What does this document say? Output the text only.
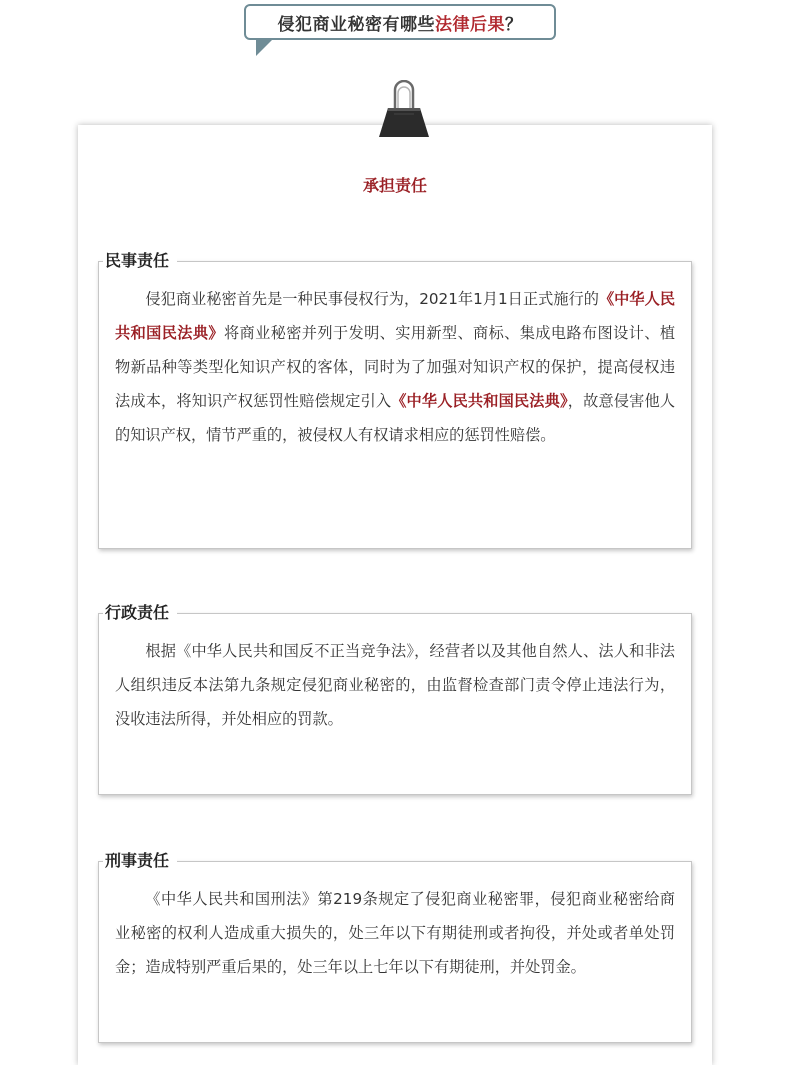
侵犯商业秘密有哪些 法律后果 ？
承担责任
民事责任

侵犯商业秘密首先是一种民事侵权行为，2021年1月1日正式施行的《中华人民共和国民法典》将商业秘密并列于发明、实用新型、商标、集成电路布图设计、植物新品种等类型化知识产权的客体，同时为了加强对知识产权的保护，提高侵权违法成本，将知识产权惩罚性赔偿规定引入《中华人民共和国民法典》，故意侵害他人的知识产权，情节严重的，被侵权人有权请求相应的惩罚性赔偿。

行政责任

根据《中华人民共和国反不正当竞争法》，经营者以及其他自然人、法人和非法人组织违反本法第九条规定侵犯商业秘密的，由监督检查部门责令停止违法行为，没收违法所得，并处相应的罚款。

刑事责任

《中华人民共和国刑法》第219条规定了侵犯商业秘密罪，侵犯商业秘密给商业秘密的权利人造成重大损失的，处三年以下有期徒刑或者拘役，并处或者单处罚金；造成特别严重后果的，处三年以上七年以下有期徒刑，并处罚金。
